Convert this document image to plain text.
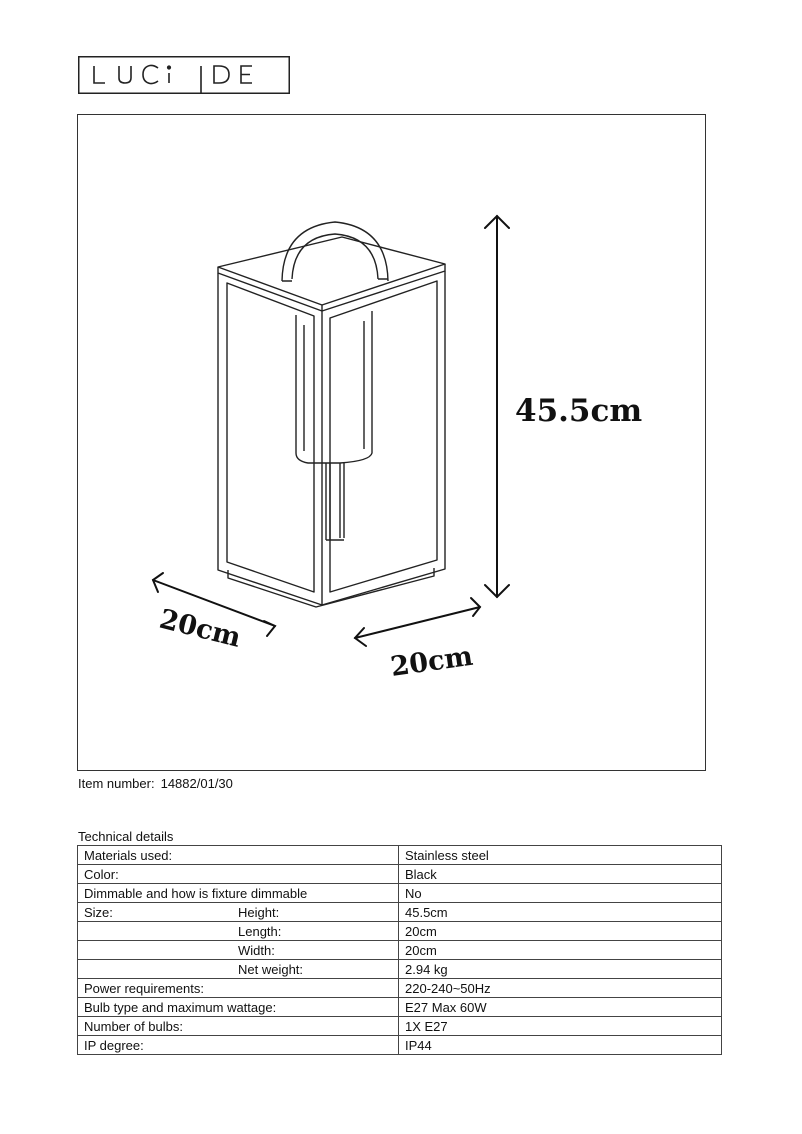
45.5cm
20cm
20cm
Item number: 14882/01/30
Technical details
Materials used:		Stainless steel
Color:		Black
Dimmable and how is fixture dimmable		No
Size:	Height:	45.5cm
	Length:	20cm
	Width:	20cm
	Net weight:	2.94 kg
Power requirements:		220-240~50Hz
Bulb type and maximum wattage:		E27 Max 60W
Number of bulbs:		1X E27
IP degree:		IP44
